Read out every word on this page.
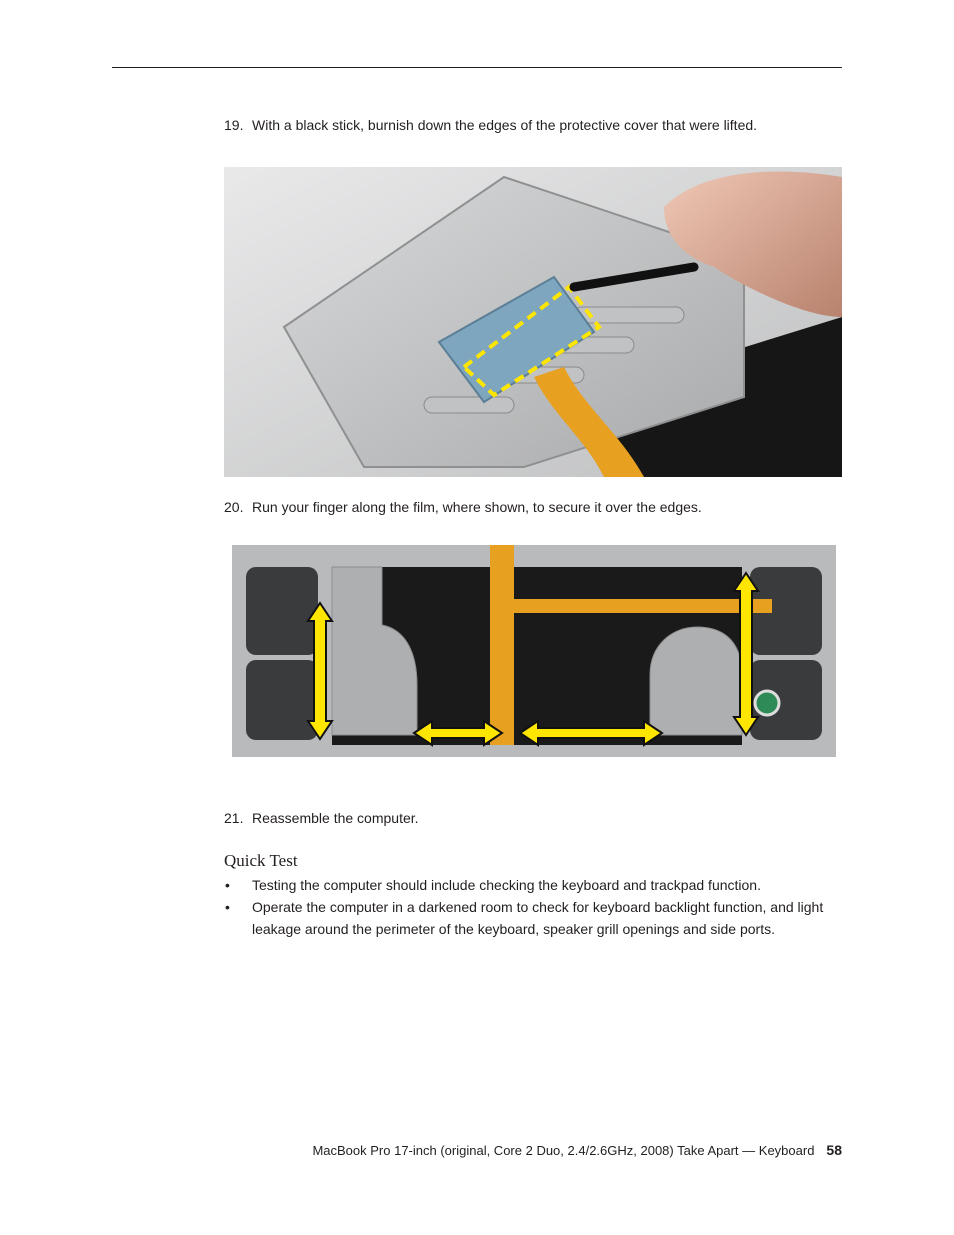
19. With a black stick, burnish down the edges of the protective cover that were lifted.
20. Run your finger along the film, where shown, to secure it over the edges.
21. Reassemble the computer.
Quick Test
• Testing the computer should include checking the keyboard and trackpad function.
• Operate the computer in a darkened room to check for keyboard backlight function, and light leakage around the perimeter of the keyboard, speaker grill openings and side ports.
MacBook Pro 17-inch (original, Core 2 Duo, 2.4/2.6GHz, 2008) Take Apart — Keyboard 58
